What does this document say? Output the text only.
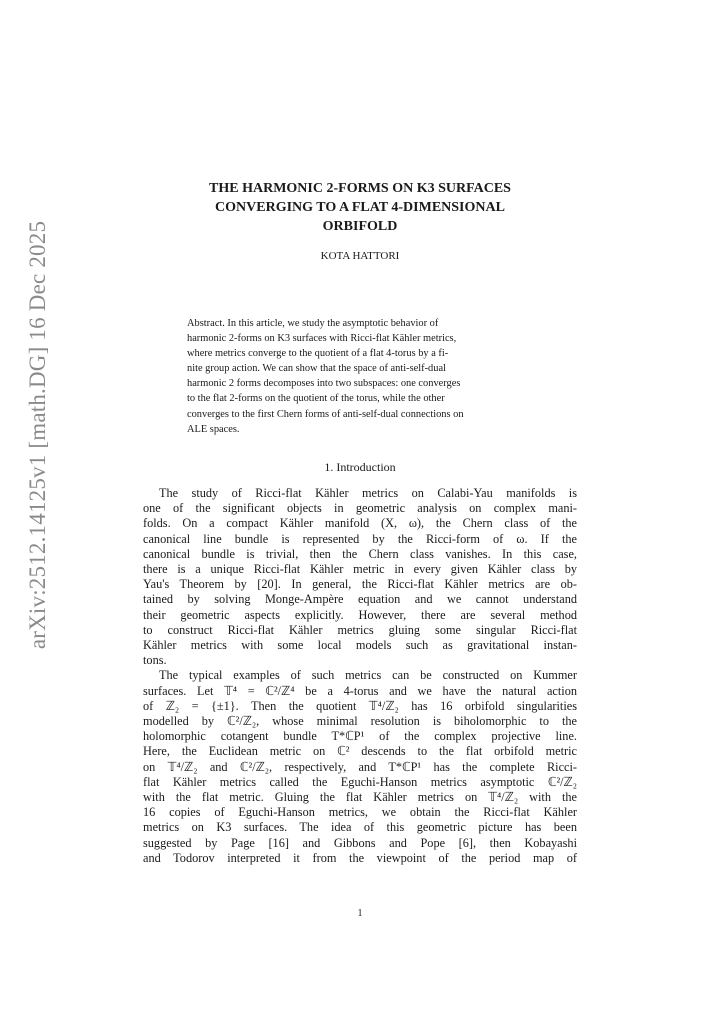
arXiv:2512.14125v1 [math.DG] 16 Dec 2025
THE HARMONIC 2-FORMS ON K3 SURFACES
CONVERGING TO A FLAT 4-DIMENSIONAL
ORBIFOLD
KOTA HATTORI
Abstract. In this article, we study the asymptotic behavior of
harmonic 2-forms on K3 surfaces with Ricci-flat Kähler metrics,
where metrics converge to the quotient of a flat 4-torus by a fi-
nite group action. We can show that the space of anti-self-dual
harmonic 2 forms decomposes into two subspaces: one converges
to the flat 2-forms on the quotient of the torus, while the other
converges to the first Chern forms of anti-self-dual connections on
ALE spaces.
1. Introduction
The study of Ricci-flat Kähler metrics on Calabi-Yau manifolds is
one of the significant objects in geometric analysis on complex mani-
folds. On a compact Kähler manifold (X, ω), the Chern class of the
canonical line bundle is represented by the Ricci-form of ω. If the
canonical bundle is trivial, then the Chern class vanishes. In this case,
there is a unique Ricci-flat Kähler metric in every given Kähler class by
Yau's Theorem by [20]. In general, the Ricci-flat Kähler metrics are ob-
tained by solving Monge-Ampère equation and we cannot understand
their geometric aspects explicitly. However, there are several method
to construct Ricci-flat Kähler metrics gluing some singular Ricci-flat
Kähler metrics with some local models such as gravitational instan-
tons.
The typical examples of such metrics can be constructed on Kummer
surfaces. Let 𝕋⁴ = ℂ²/ℤ⁴ be a 4-torus and we have the natural action
of ℤ₂ = {±1}. Then the quotient 𝕋⁴/ℤ₂ has 16 orbifold singularities
modelled by ℂ²/ℤ₂, whose minimal resolution is biholomorphic to the
holomorphic cotangent bundle T*ℂP¹ of the complex projective line.
Here, the Euclidean metric on ℂ² descends to the flat orbifold metric
on 𝕋⁴/ℤ₂ and ℂ²/ℤ₂, respectively, and T*ℂP¹ has the complete Ricci-
flat Kähler metrics called the Eguchi-Hanson metrics asymptotic ℂ²/ℤ₂
with the flat metric. Gluing the flat Kähler metrics on 𝕋⁴/ℤ₂ with the
16 copies of Eguchi-Hanson metrics, we obtain the Ricci-flat Kähler
metrics on K3 surfaces. The idea of this geometric picture has been
suggested by Page [16] and Gibbons and Pope [6], then Kobayashi
and Todorov interpreted it from the viewpoint of the period map of
1
